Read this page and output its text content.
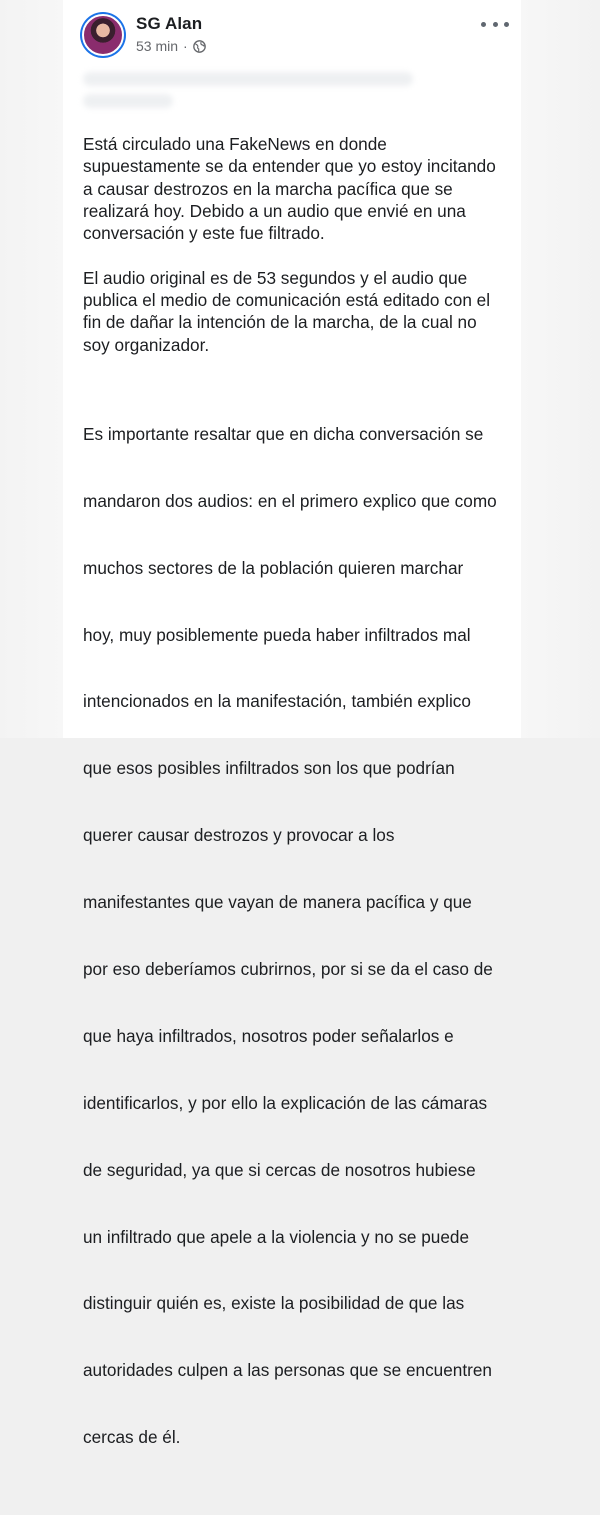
SG Alan
53 min ·

Está circulado una FakeNews en donde
supuestamente se da entender que yo estoy incitando
a causar destrozos en la marcha pacífica que se
realizará hoy. Debido a un audio que envié en una
conversación y este fue filtrado.

El audio original es de 53 segundos y el audio que
publica el medio de comunicación está editado con el
fin de dañar la intención de la marcha, de la cual no
soy organizador.

Es importante resaltar que en dicha conversación se

mandaron dos audios: en el primero explico que como

muchos sectores de la población quieren marchar

hoy, muy posiblemente pueda haber infiltrados mal

intencionados en la manifestación, también explico

que esos posibles infiltrados son los que podrían

querer causar destrozos y provocar a los

manifestantes que vayan de manera pacífica y que

por eso deberíamos cubrirnos, por si se da el caso de

que haya infiltrados, nosotros poder señalarlos e

identificarlos, y por ello la explicación de las cámaras

de seguridad, ya que si cercas de nosotros hubiese

un infiltrado que apele a la violencia y no se puede

distinguir quién es, existe la posibilidad de que las

autoridades culpen a las personas que se encuentren

cercas de él.
